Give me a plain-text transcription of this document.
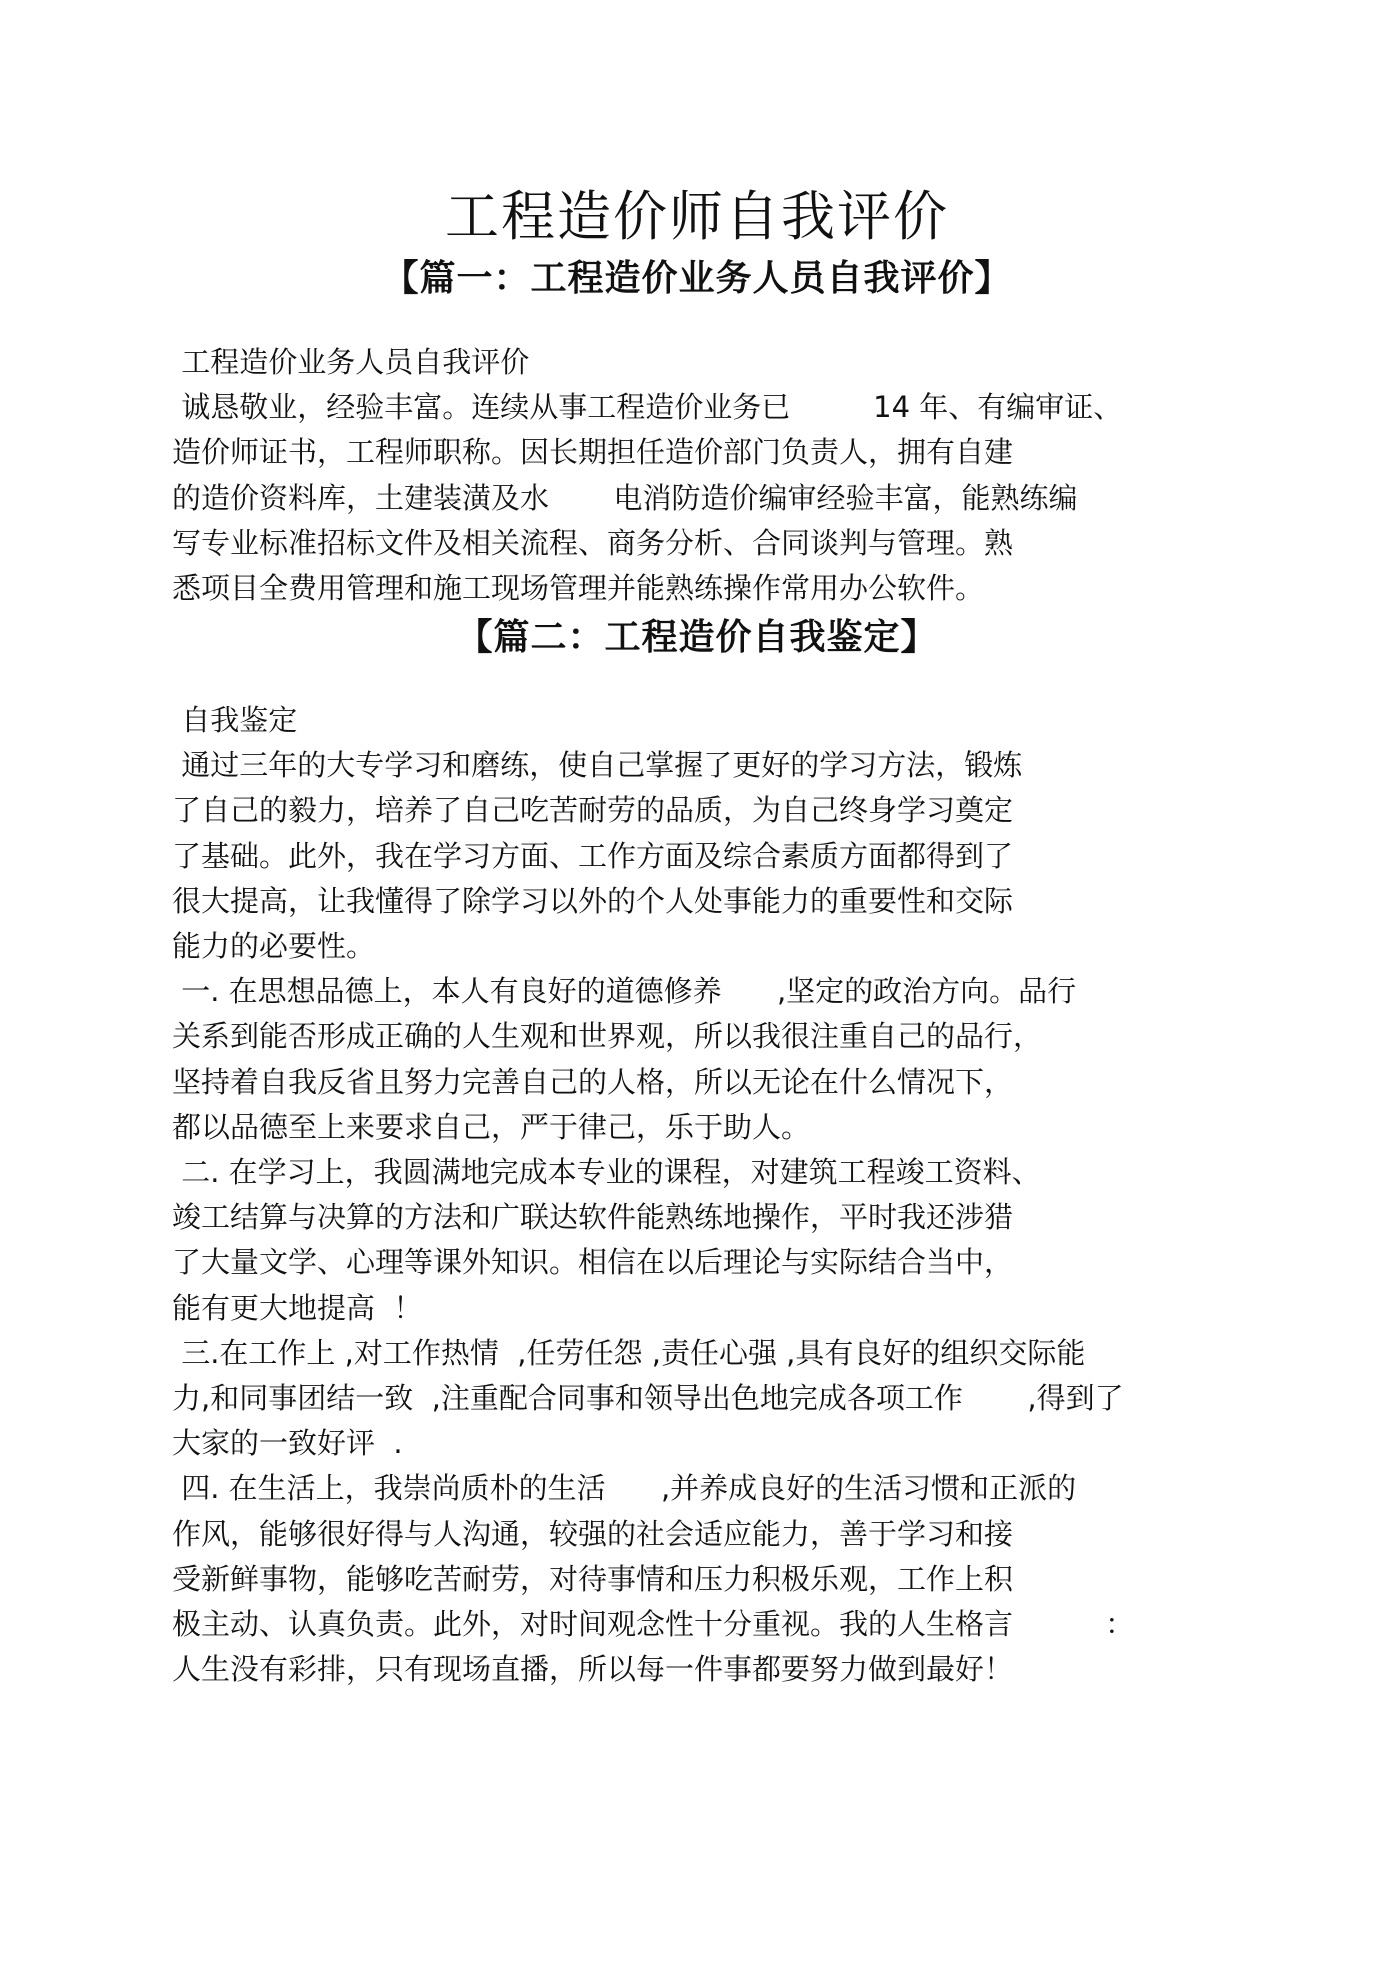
工程造价师自我评价
【篇一：工程造价业务人员自我评价】
工程造价业务人员自我评价
诚恳敬业，经验丰富。连续从事工程造价业务已         14 年、有编审证、
造价师证书，工程师职称。因长期担任造价部门负责人，拥有自建
的造价资料库，土建装潢及水       电消防造价编审经验丰富，能熟练编
写专业标准招标文件及相关流程、商务分析、合同谈判与管理。熟
悉项目全费用管理和施工现场管理并能熟练操作常用办公软件。
【篇二：工程造价自我鉴定】
自我鉴定
通过三年的大专学习和磨练，使自己掌握了更好的学习方法，锻炼
了自己的毅力，培养了自己吃苦耐劳的品质，为自己终身学习奠定
了基础。此外，我在学习方面、工作方面及综合素质方面都得到了
很大提高，让我懂得了除学习以外的个人处事能力的重要性和交际
能力的必要性。
一. 在思想品德上，本人有良好的道德修养      ,坚定的政治方向。品行
关系到能否形成正确的人生观和世界观，所以我很注重自己的品行，
坚持着自我反省且努力完善自己的人格，所以无论在什么情况下，
都以品德至上来要求自己，严于律己，乐于助人。
二. 在学习上，我圆满地完成本专业的课程，对建筑工程竣工资料、
竣工结算与决算的方法和广联达软件能熟练地操作，平时我还涉猎
了大量文学、心理等课外知识。相信在以后理论与实际结合当中，
能有更大地提高  ！
三.在工作上 ,对工作热情  ,任劳任怨 ,责任心强 ,具有良好的组织交际能
力,和同事团结一致  ,注重配合同事和领导出色地完成各项工作       ,得到了
大家的一致好评  .
四. 在生活上，我崇尚质朴的生活      ,并养成良好的生活习惯和正派的
作风，能够很好得与人沟通，较强的社会适应能力，善于学习和接
受新鲜事物，能够吃苦耐劳，对待事情和压力积极乐观，工作上积
极主动、认真负责。此外，对时间观念性十分重视。我的人生格言          ：
人生没有彩排，只有现场直播，所以每一件事都要努力做到最好！
